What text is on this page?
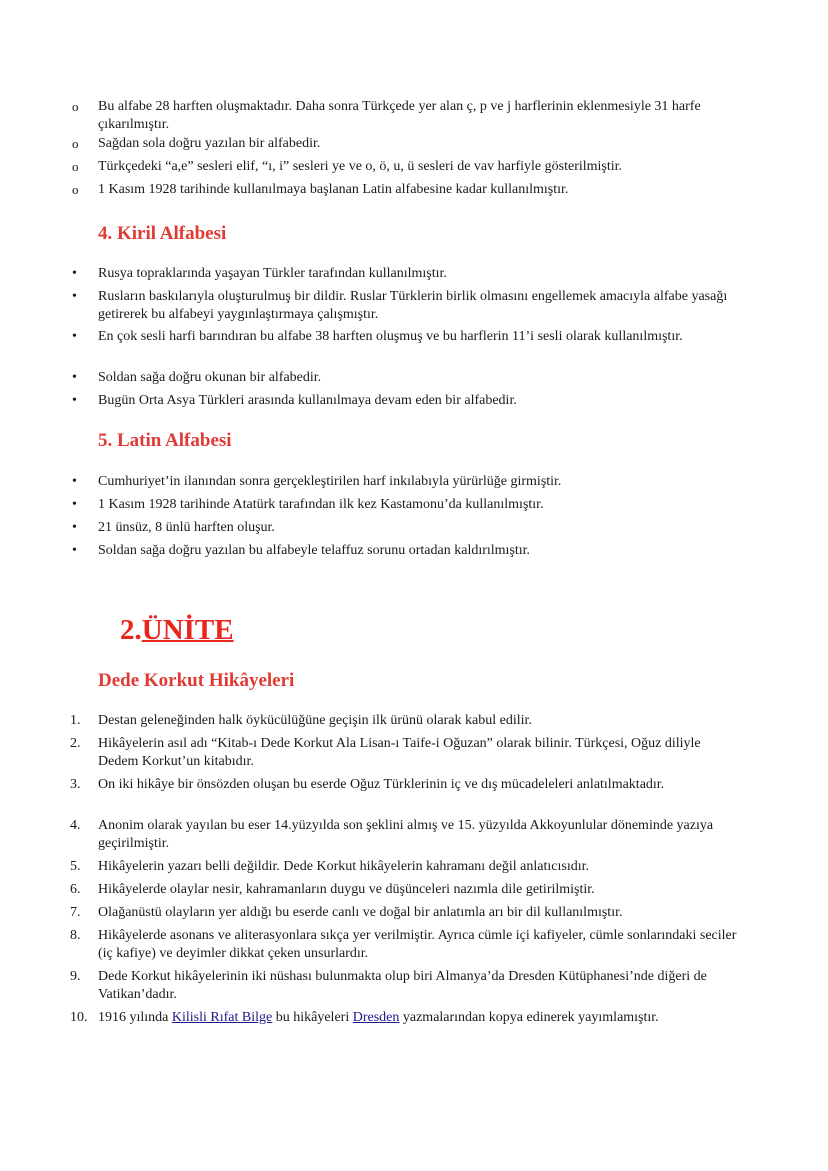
o Bu alfabe 28 harften oluşmaktadır. Daha sonra Türkçede yer alan ç, p ve j harflerinin eklenmesiyle 31 harfe çıkarılmıştır.
o Sağdan sola doğru yazılan bir alfabedir.
o Türkçedeki “a,e” sesleri elif, “ı, i” sesleri ye ve o, ö, u, ü sesleri de vav harfiyle gösterilmiştir.
o 1 Kasım 1928 tarihinde kullanılmaya başlanan Latin alfabesine kadar kullanılmıştır.
4. Kiril Alfabesi
• Rusya topraklarında yaşayan Türkler tarafından kullanılmıştır.
• Rusların baskılarıyla oluşturulmuş bir dildir. Ruslar Türklerin birlik olmasını engellemek amacıyla alfabe yasağı getirerek bu alfabeyi yaygınlaştırmaya çalışmıştır.
• En çok sesli harfi barındıran bu alfabe 38 harften oluşmuş ve bu harflerin 11’i sesli olarak kullanılmıştır.
• Soldan sağa doğru okunan bir alfabedir.
• Bugün Orta Asya Türkleri arasında kullanılmaya devam eden bir alfabedir.
5. Latin Alfabesi
• Cumhuriyet’in ilanından sonra gerçekleştirilen harf inkılabıyla yürürlüğe girmiştir.
• 1 Kasım 1928 tarihinde Atatürk tarafından ilk kez Kastamonu’da kullanılmıştır.
• 21 ünsüz, 8 ünlü harften oluşur.
• Soldan sağa doğru yazılan bu alfabeyle telaffuz sorunu ortadan kaldırılmıştır.
2.ÜNİTE
Dede Korkut Hikâyeleri
1.	Destan geleneğinden halk öykücülüğüne geçişin ilk ürünü olarak kabul edilir.
2.	Hikâyelerin asıl adı “Kitab-ı Dede Korkut Ala Lisan-ı Taife-i Oğuzan” olarak bilinir. Türkçesi, Oğuz diliyle Dedem Korkut’un kitabıdır.
3.	On iki hikâye bir önsözden oluşan bu eserde Oğuz Türklerinin iç ve dış mücadeleleri anlatılmaktadır.
4.	Anonim olarak yayılan bu eser 14.yüzyılda son şeklini almış ve 15. yüzyılda Akkoyunlular döneminde yazıya geçirilmiştir.
5.	Hikâyelerin yazarı belli değildir. Dede Korkut hikâyelerin kahramanı değil anlatıcısıdır.
6.	Hikâyelerde olaylar nesir, kahramanların duygu ve düşünceleri nazımla dile getirilmiştir.
7.	Olağanüstü olayların yer aldığı bu eserde canlı ve doğal bir anlatımla arı bir dil kullanılmıştır.
8.	Hikâyelerde asonans ve aliterasyonlara sıkça yer verilmiştir. Ayrıca cümle içi kafiyeler, cümle sonlarındaki seciler (iç kafiye) ve deyimler dikkat çeken unsurlardır.
9.	Dede Korkut hikâyelerinin iki nüshası bulunmakta olup biri Almanya’da Dresden Kütüphanesi’nde diğeri de Vatikan’dadır.
10. 1916 yılında Kilisli Rıfat Bilge bu hikâyeleri Dresden yazmalarından kopya edinerek yayımlamıştır.
